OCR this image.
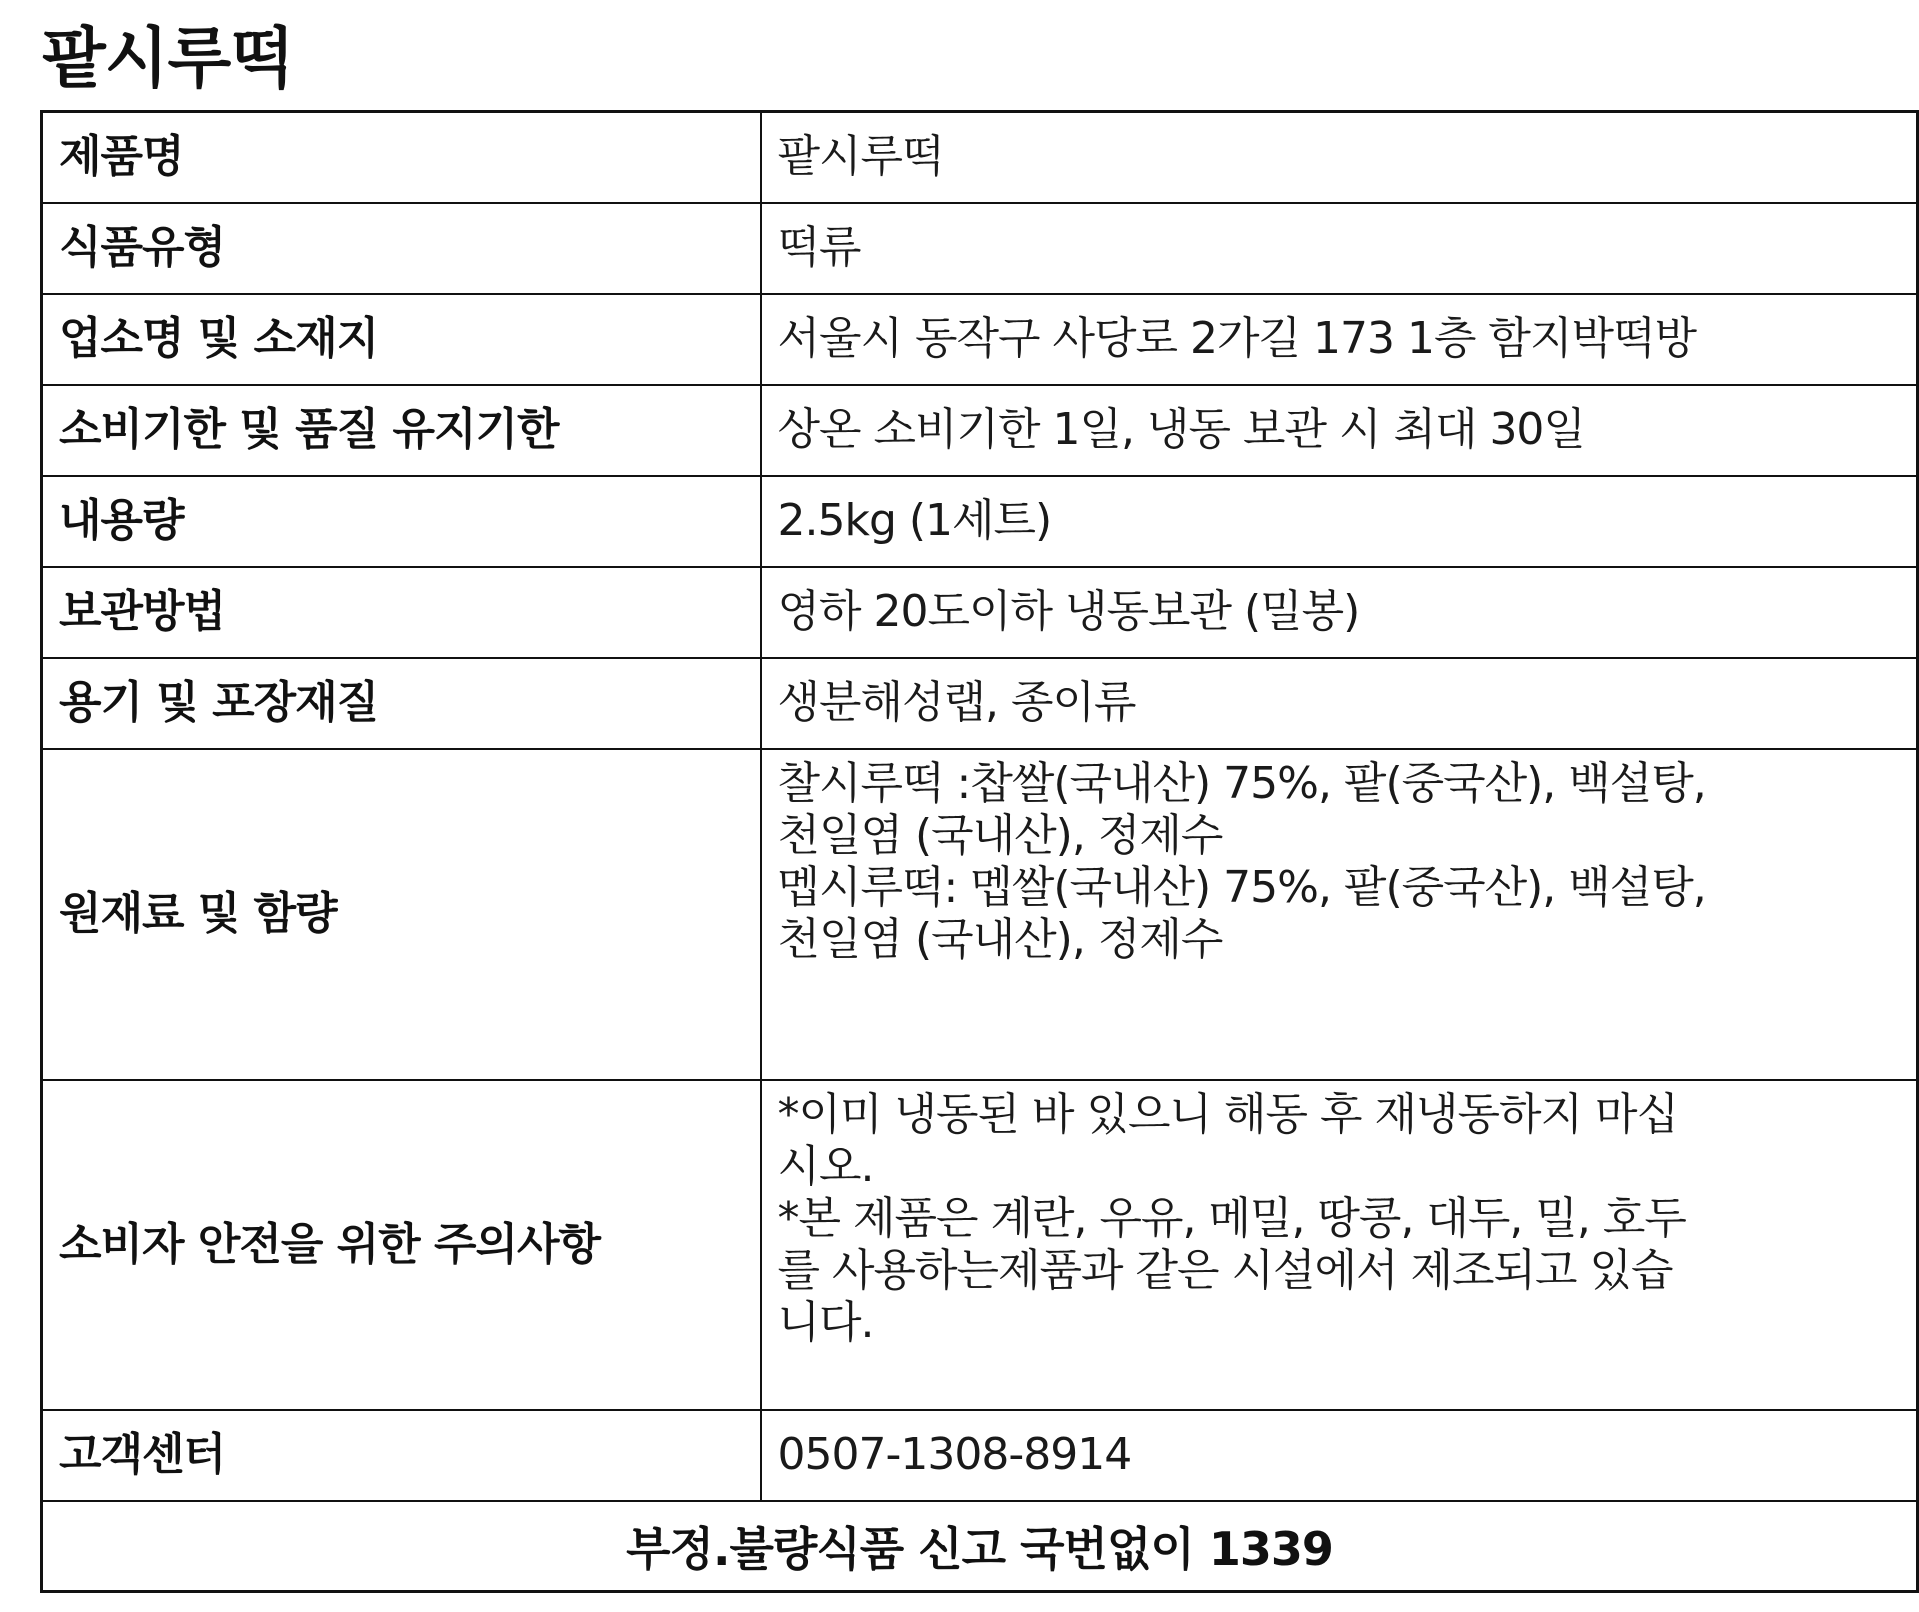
팥시루떡
제품명	팥시루떡

식품유형	떡류

업소명 및 소재지	서울시 동작구 사당로 2가길 173 1층 함지박떡방

소비기한 및 품질 유지기한	상온 소비기한 1일, 냉동 보관 시 최대 30일

내용량	2.5kg (1세트)

보관방법	영하 20도이하 냉동보관 (밀봉)

용기 및 포장재질	생분해성랩, 종이류

원재료 및 함량	찰시루떡 :찹쌀(국내산) 75%, 팥(중국산), 백설탕,
천일염 (국내산), 정제수
멥시루떡: 멥쌀(국내산) 75%, 팥(중국산), 백설탕,
천일염 (국내산), 정제수

소비자 안전을 위한 주의사항	*이미 냉동된 바 있으니 해동 후 재냉동하지 마십
시오.
*본 제품은 계란, 우유, 메밀, 땅콩, 대두, 밀, 호두
를 사용하는제품과 같은 시설에서 제조되고 있습
니다.

고객센터	0507-1308-8914

부정.불량식품 신고 국번없이 1339	
